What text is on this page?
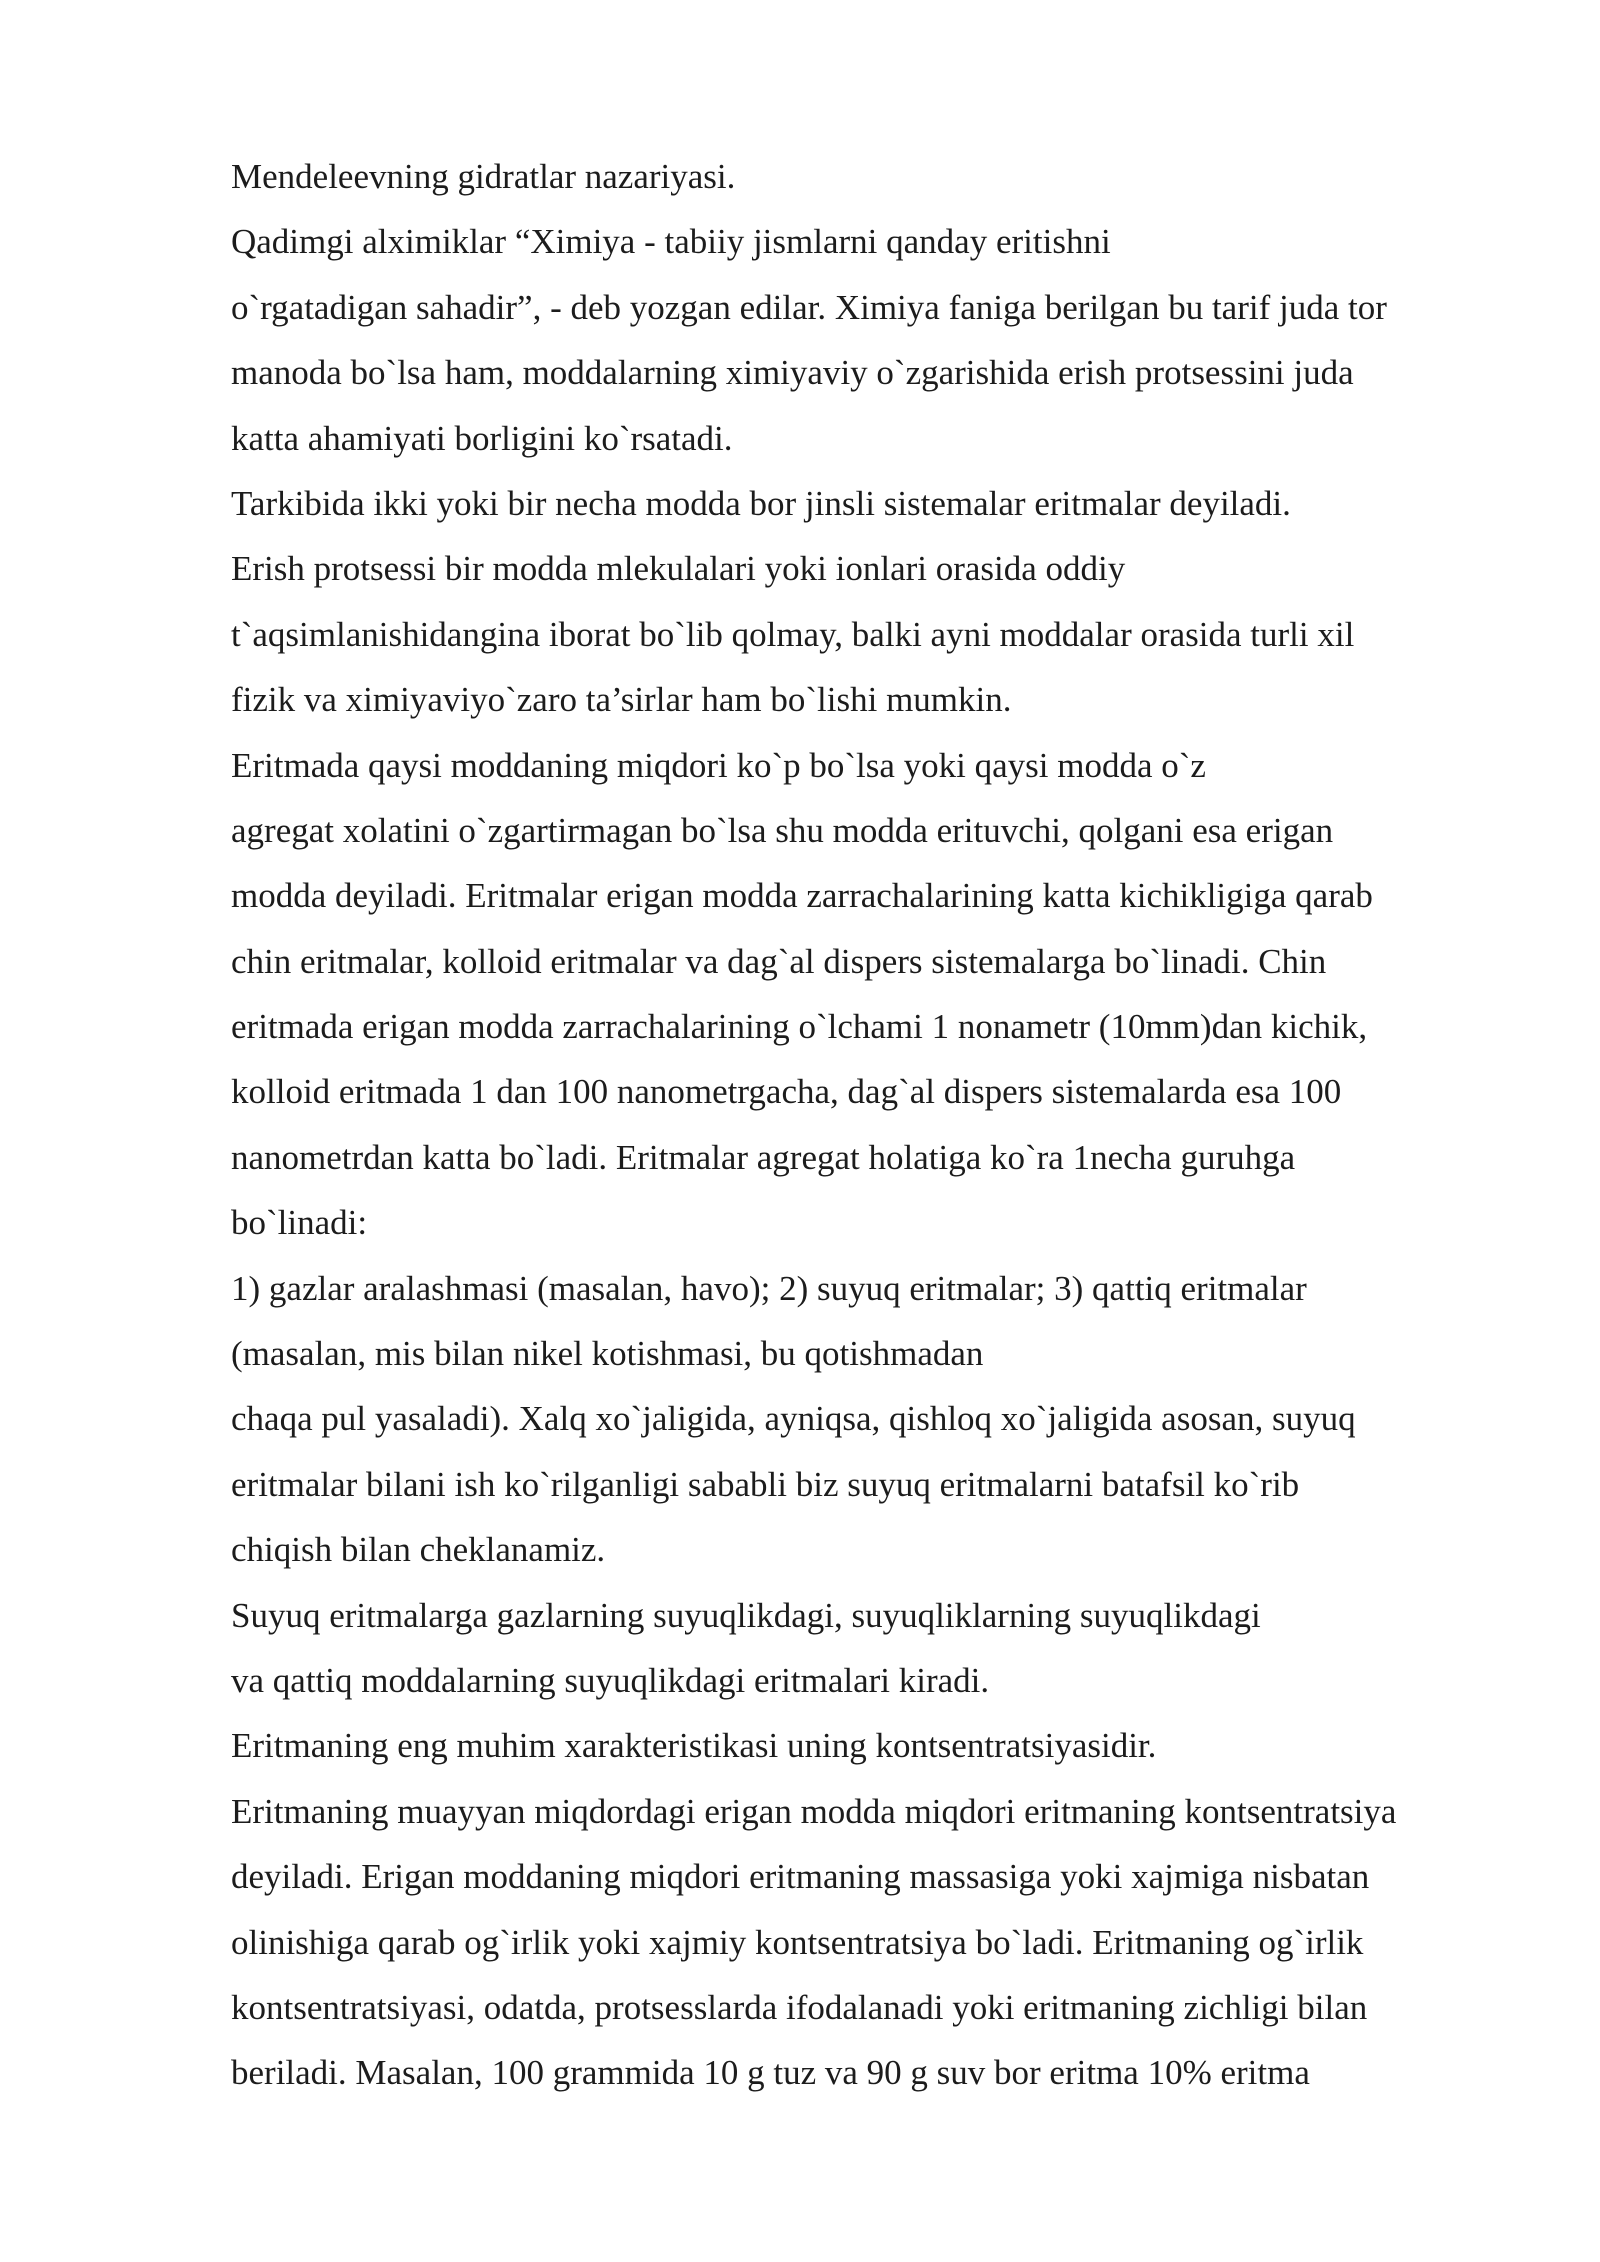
Mendeleevning gidratlar nazariyasi.
Qadimgi alximiklar “Ximiya - tabiiy jismlarni qanday eritishni
o`rgatadigan sahadir”, - deb yozgan edilar. Ximiya faniga berilgan bu tarif juda tor
manoda bo`lsa ham, moddalarning ximiyaviy o`zgarishida erish protsessini juda
katta ahamiyati borligini ko`rsatadi.
Tarkibida ikki yoki bir necha modda bor jinsli sistemalar eritmalar deyiladi.
Erish protsessi bir modda mlekulalari yoki ionlari orasida oddiy
t`aqsimlanishidangina iborat bo`lib qolmay, balki ayni moddalar orasida turli xil
fizik va ximiyaviyo`zaro ta’sirlar ham bo`lishi mumkin.
Eritmada qaysi moddaning miqdori ko`p bo`lsa yoki qaysi modda o`z
agregat xolatini o`zgartirmagan bo`lsa shu modda erituvchi, qolgani esa erigan
modda deyiladi. Eritmalar erigan modda zarrachalarining katta kichikligiga qarab
chin eritmalar, kolloid eritmalar va dag`al dispers sistemalarga bo`linadi. Chin
eritmada erigan modda zarrachalarining o`lchami 1 nonametr (10mm)dan kichik,
kolloid eritmada 1 dan 100 nanometrgacha, dag`al dispers sistemalarda esa 100
nanometrdan katta bo`ladi. Eritmalar agregat holatiga ko`ra 1necha guruhga
bo`linadi:
1) gazlar aralashmasi (masalan, havo); 2) suyuq eritmalar; 3) qattiq eritmalar
(masalan, mis bilan nikel kotishmasi, bu qotishmadan
chaqa pul yasaladi). Xalq xo`jaligida, ayniqsa, qishloq xo`jaligida asosan, suyuq
eritmalar bilani ish ko`rilganligi sababli biz suyuq eritmalarni batafsil ko`rib
chiqish bilan cheklanamiz.
Suyuq eritmalarga gazlarning suyuqlikdagi, suyuqliklarning suyuqlikdagi
va qattiq moddalarning suyuqlikdagi eritmalari kiradi.
Eritmaning eng muhim xarakteristikasi uning kontsentratsiyasidir.
Eritmaning muayyan miqdordagi erigan modda miqdori eritmaning kontsentratsiya
deyiladi. Erigan moddaning miqdori eritmaning massasiga yoki xajmiga nisbatan
olinishiga qarab og`irlik yoki xajmiy kontsentratsiya bo`ladi. Eritmaning og`irlik
kontsentratsiyasi, odatda, protsesslarda ifodalanadi yoki eritmaning zichligi bilan
beriladi. Masalan, 100 grammida 10 g tuz va 90 g suv bor eritma 10% eritma
